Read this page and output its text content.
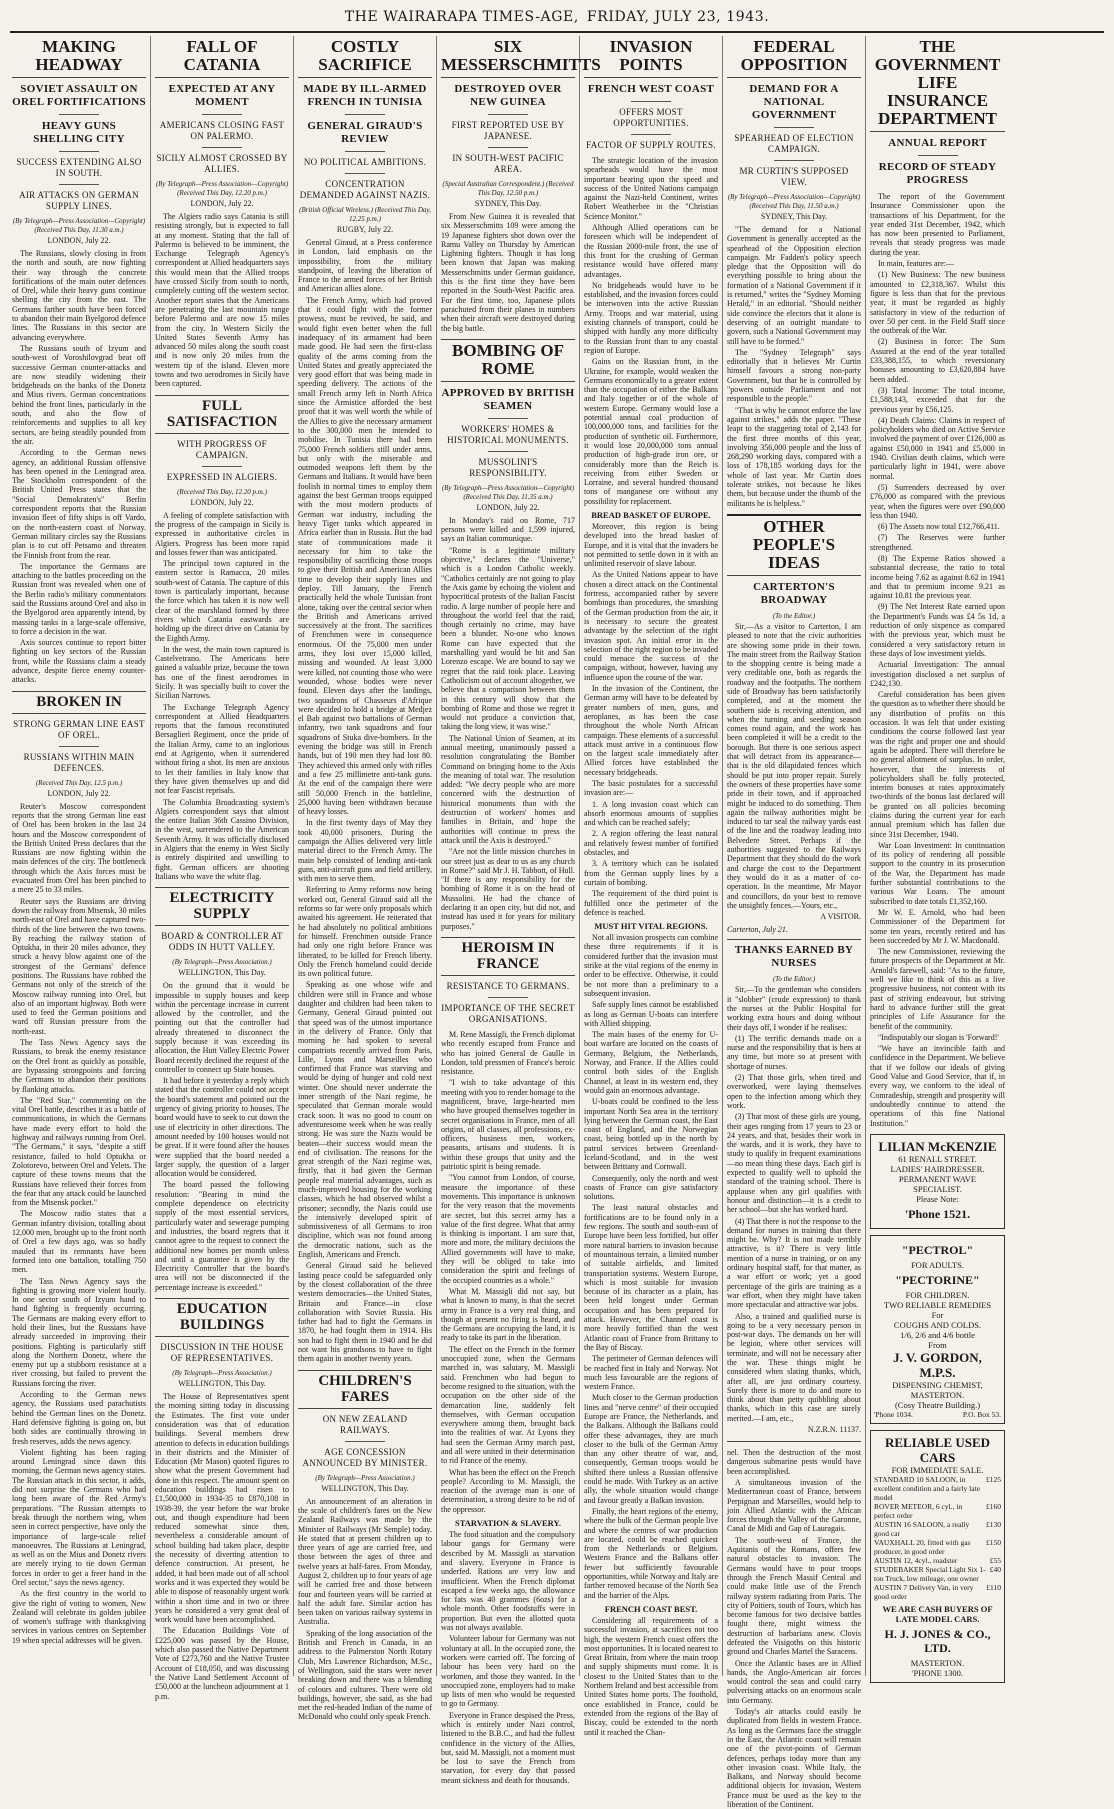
THE WAIRARAPA TIMES-AGE, FRIDAY, JULY 23, 1943.
MAKING HEADWAY
SOVIET ASSAULT ON OREL FORTIFICATIONS
HEAVY GUNS SHELLING CITY
SUCCESS EXTENDING ALSO IN SOUTH.
AIR ATTACKS ON GERMAN SUPPLY LINES.
(By Telegraph—Press Association—Copyright) (Received This Day, 11.30 a.m.)
LONDON, July 22.

The Russians, slowly closing in from the north and south, are now fighting their way through the concrete fortifications of the main outer defences of Orel, while their heavy guns continue shelling the city from the east. The Germans farther south have been forced to abandon their main Byelgorod defence lines. The Russians in this sector are advancing everywhere.

The Russians south of Izyum and south-west of Voroshilovgrad beat off successive German counter-attacks and are now steadily widening their bridgeheads on the banks of the Donetz and Mius rivers. German concentrations behind the front lines, particularly in the south, and also the flow of reinforcements and supplies to all key sectors, are being steadily pounded from the air.

According to the German news agency, an additional Russian offensive has been opened in the Leningrad area. The Stockholm correspondent of the British United Press states that the "Social Demokraten's" Berlin correspondent reports that the Russian invasion fleet of fifty ships is off Vardo, on the north-eastern coast of Norway. German military circles say the Russians plan is to cut off Petsamo and threaten the Finnish front from the rear.

The importance the Germans are attaching to the battles proceeding on the Russian front was revealed when one of the Berlin radio's military commentators said the Russians around Orel and also in the Byelgorod area apparently intend, by massing tanks in a large-scale offensive, to force a decision in the war.

Axis sources continue to report bitter fighting on key sectors of the Russian front, while the Russians claim a steady advance, despite fierce enemy counter-attacks.

BROKEN IN
STRONG GERMAN LINE EAST OF OREL.
RUSSIANS WITHIN MAIN DEFENCES.
(Received This Day, 12.5 p.m.)
LONDON, July 22.

Reuter's Moscow correspondent reports that the strong German line east of Orel has been broken in the last 24 hours and the Moscow correspondent of the British United Press declares that the Russians are now fighting within the main defences of the city. The bottleneck through which the Axis forces must be evacuated from Orel has been pinched to a mere 25 to 33 miles.

Reuter says the Russians are driving down the railway from Mtsensk, 30 miles north-east of Orel and have captured two-thirds of the line between the two towns. By reaching the railway station of Optukha, in their 20 miles advance, they struck a heavy blow against one of the strongest of the Germans' defence positions. The Russians have robbed the Germans not only of the stretch of the Moscow railway running into Orel, but also of an important highway. Both were used to feed the German positions and ward off Russian pressure from the north-east.

The Tass News Agency says the Russians, to break the enemy resistance on the Orel front as quickly as possible, are bypassing strongpoints and forcing the Germans to abandon their positions by flanking attacks.

The "Red Star," commenting on the vital Orel battle, describes it as a battle of communications, in which the Germans have made every effort to hold the highway and railways running from Orel. "The Germans," it says, "despite a stiff resistance, failed to hold Optukha or Zolotorevo, between Orel and Yelets. The capture of these towns means that the Russians have relieved their forces from the fear that any attack could be launched from the Mtsensk pocket."

The Moscow radio states that a German infantry division, totalling about 12,000 men, brought up to the front north of Orel a few days ago, was so badly mauled that its remnants have been formed into one battalion, totalling 750 men.

The Tass News Agency says the fighting is growing more violent hourly. In one sector south of Izyum hand to hand fighting is frequently occurring. The Germans are making every effort to hold their lines, but the Russians have already succeeded in improving their positions. Fighting is particularly stiff along the Northern Donetz, where the enemy put up a stubborn resistance at a river crossing, but failed to prevent the Russians forcing the river.

According to the German news agency, the Russians used parachutists behind the German lines on the Donetz. Hard defensive fighting is going on, but both sides are continually throwing in fresh reserves, adds the news agency.

Violent fighting has been raging around Leningrad since dawn this morning, the German news agency states. The Russian attack in this sector, it adds, did not surprise the Germans who had long been aware of the Red Army's preparations. "The Russian attempts to break through the northern wing, when seen in correct perspective, have only the importance of large-scale relief manoeuvres. The Russians at Leningrad, as well as on the Mius and Donetz rivers are merely trying to tie down German forces in order to get a freer hand in the Orel sector," says the news agency.

As the first country in the world to give the right of voting to women, New Zealand will celebrate its golden jubilee of women's suffrage with thanksgiving services in various centres on September 19 when special addresses will be given.

FALL OF CATANIA
EXPECTED AT ANY MOMENT
AMERICANS CLOSING FAST ON PALERMO.
SICILY ALMOST CROSSED BY ALLIES.
(By Telegraph—Press Association—Copyright) (Received This Day, 12.20 p.m.)
LONDON, July 22.

The Algiers radio says Catania is still resisting strongly, but is expected to fall at any moment. Stating that the fall of Palermo is believed to be imminent, the Exchange Telegraph Agency's correspondent at Allied headquarters says this would mean that the Allied troops have crossed Sicily from south to north, completely cutting off the western sector. Another report states that the Americans are penetrating the last mountain range before Palermo and are now 15 miles from the city. In Western Sicily the United States Seventh Army has advanced 50 miles along the south coast and is now only 20 miles from the western tip of the island. Eleven more towns and two aerodromes in Sicily have been captured.

FULL SATISFACTION
WITH PROGRESS OF CAMPAIGN.
EXPRESSED IN ALGIERS.
(Received This Day, 12.20 p.m.)
LONDON, July 22.

A feeling of complete satisfaction with the progress of the campaign in Sicily is expressed in authoritative circles in Algiers. Progress has been more rapid and losses fewer than was anticipated.

The principal town captured in the eastern sector is Ramacca, 20 miles south-west of Catania. The capture of this town is particularly important, because the force which has taken it is now well clear of the marshland formed by three rivers which Catania eastwards are holding up the direct drive on Catania by the Eighth Army.

In the west, the main town captured is Castelvetrano. The Americans here gained a valuable prize, because the town has one of the finest aerodromes in Sicily. It was specially built to cover the Sicilian Narrows.

The Exchange Telegraph Agency correspondent at Allied Headquarters reports that the famous reconstituted Bersaglieri Regiment, once the pride of the Italian Army, came to an inglorious end at Agrigento, when it surrendered without firing a shot. Its men are anxious to let their families in Italy know that they have given themselves up and did not fear Fascist reprisals.

The Columbia Broadcasting system's Algiers correspondent says that almost the entire Italian 36th Cassino Division, in the west, surrendered to the American Seventh Army. It was officially disclosed in Algiers that the enemy in West Sicily is entirely dispirited and unwilling to fight. German officers are shooting Italians who wave the white flag.

ELECTRICITY SUPPLY
BOARD & CONTROLLER AT ODDS IN HUTT VALLEY.
(By Telegraph—Press Association.)
WELLINGTON, This Day.

On the ground that it would be impossible to supply houses and keep within the percentage increase in current allowed by the controller, and the pointing out that the controller had already threatened to disconnect the supply because it was exceeding its allocation, the Hutt Valley Electric Power Board recently declined the request of the controller to connect up State houses.

It had before it yesterday a reply which stated that the controller could not accept the board's statement and pointed out the urgency of giving priority to houses. The board would have to seek to cut down the use of electricity in other directions. The amount needed by 100 houses would not be great. If it were found after the houses were supplied that the board needed a larger supply, the question of a larger allocation would be considered.

The board passed the following resolution: "Bearing in mind the complete dependence on electricity supply of the most essential services, particularly water and sewerage pumping and industries, the board regrets that it cannot agree to the request to connect the additional new homes per month unless and until a guarantee is given by the Electricity Controller that the board's area will not be disconnected if the percentage increase is exceeded."

EDUCATION BUILDINGS
DISCUSSION IN THE HOUSE OF REPRESENTATIVES.
(By Telegraph—Press Association.)
WELLINGTON, This Day.

The House of Representatives spent the morning sitting today in discussing the Estimates. The first vote under consideration was that of education buildings. Several members drew attention to defects in education buildings in their districts and the Minister of Education (Mr Mason) quoted figures to show what the present Government had done in this respect. The amount spent on education buildings had risen to £1,500,000 in 1934-35 to £870,108 in 1938-39, the year before the war broke out, and though expenditure had been reduced somewhat since then, nevertheless a considerable amount of school building had taken place, despite the necessity of diverting attention to defence construction. At present, he added, it had been made out of all school works and it was expected they would be able to dispose of reasonably urgent work within a short time and in two or three years he considered a very great deal of work would have been accomplished.

The Education Buildings Vote of £225,000 was passed by the House, which also passed the Native Department Vote of £273,760 and the Native Trustee Account of £18,050, and was discussing the Native Land Settlement Account of £50,000 at the luncheon adjournment at 1 p.m.

COSTLY SACRIFICE
MADE BY ILL-ARMED FRENCH IN TUNISIA
GENERAL GIRAUD'S REVIEW
NO POLITICAL AMBITIONS.
CONCENTRATION DEMANDED AGAINST NAZIS.
(British Official Wireless.) (Received This Day, 12.25 p.m.)
RUGBY, July 22.

General Giraud, at a Press conference in London, laid emphasis on the impossibility, from the military standpoint, of leaving the liberation of France to the armed forces of her British and American allies alone.

The French Army, which had proved that it could fight with the former prowess, must be revived, he said, and would fight even better when the full inadequacy of its armament had been made good. He had seen the first-class quality of the arms coming from the United States and greatly appreciated the very good effort that was being made in speeding delivery. The actions of the small French army left in North Africa since the Armistice afforded the best proof that it was well worth the while of the Allies to give the necessary armament to the 300,000 men he intended to mobilise. In Tunisia there had been 75,000 French soldiers still under arms, but only with the miserable and outmoded weapons left them by the Germans and Italians. It would have been foolish in normal times to employ them against the best German troops equipped with the most modern products of German war industry, including the heavy Tiger tanks which appeared in Africa earlier than in Russia. But the bad state of communications made it necessary for him to take the responsibility of sacrificing those troops to give their British and American Allies time to develop their supply lines and deploy. Till January, the French practically held the whole Tunisian front alone, taking over the central sector when the British and Americans arrived successively at the front. The sacrifices of Frenchmen were in consequence enormous. Of the 75,000 men under arms, they lost over 15,000 killed, missing and wounded. At least 3,000 were killed, not counting those who were wounded, whose bodies were never found. Eleven days after the landings, two squadrons of Chasseurs d'Afrique were decided to hold a bridge at Medjez el Bab against two battalions of German infantry, two tank squadrons and four squadrons of Stuka dive-bombers. In the evening the bridge was still in French hands, but of 190 men they had lost 80. They achieved this armed only with rifles and a few 25 millimetre anti-tank guns. At the end of the campaign there were still 50,000 French in the battleline, 25,000 having been withdrawn because of heavy losses.

In the first twenty days of May they took 40,000 prisoners. During the campaign the Allies delivered very little material direct to the French Army. The main help consisted of lending anti-tank guns, anti-aircraft guns and field artillery, with men to serve them.

Referring to Army reforms now being worked out, General Giraud said all the reforms so far were only proposals which awaited his agreement. He reiterated that he had absolutely no political ambitions for himself. Frenchmen outside France had only one right before France was liberated, to be killed for French liberty. Only the French homeland could decide its own political future.

Speaking as one whose wife and children were still in France and whose daughter and children had been taken to Germany, General Giraud pointed out that speed was of the utmost importance in the delivery of France. Only that morning he had spoken to several compatriots recently arrived from Paris, Lille, Lyons and Marseilles who confirmed that France was starving and would be dying of hunger and cold next winter. One should never underrate the inner strength of the Nazi regime, he speculated that German morale would crack soon. It was no good to count on adventuresome week when he was really strong. He was sure the Nazis would be beaten—their success would mean the end of civilisation. The reasons for the great strength of the Nazi regime was, firstly, that it had given the German people real material advantages, such as much-improved housing for the working classes, which he had observed whilst a prisoner; secondly, the Nazis could use the intensively developed spirit of submissiveness of all Germans to iron discipline, which was not found among the democratic nations, such as the English, Americans and French.

General Giraud said he believed lasting peace could be safeguarded only by the closest collaboration of the three western democracies—the United States, Britain and France—in close collaboration with Soviet Russia. His father had had to fight the Germans in 1870, he had fought them in 1914. His son had to fight them in 1940 and he did not want his grandsons to have to fight them again in another twenty years.

CHILDREN'S FARES
ON NEW ZEALAND RAILWAYS.
AGE CONCESSION ANNOUNCED BY MINISTER.
(By Telegraph—Press Association.)
WELLINGTON, This Day.

An announcement of an alteration in the scale of children's fares on the New Zealand Railways was made by the Minister of Railways (Mr Semple) today. He stated that at present children up to three years of age are carried free, and those between the ages of three and twelve years at half-fares. From Monday, August 2, children up to four years of age will be carried free and those between four and fourteen years will be carried at half the adult fare. Similar action has been taken on various railway systems in Australia.

Speaking of the long association of the British and French in Canada, in an address to the Palmerston North Rotary Club, Mrs Lawrence Richardson, M.Sc., of Wellington, said the stars were never breaking down and there was a blending of colours and cultures. There were old buildings, however, she said, as she had met the red-headed Indian of the name of McDonald who could only speak French.

SIX MESSERSCHMITTS
DESTROYED OVER NEW GUINEA
FIRST REPORTED USE BY JAPANESE.
IN SOUTH-WEST PACIFIC AREA.
(Special Australian Correspondent.) (Received This Day, 12.50 p.m.)
SYDNEY, This Day.

From New Guinea it is revealed that six Messerschmitts 109 were among the 19 Japanese fighters shot down over the Ramu Valley on Thursday by American Lightning fighters. Though it has long been known that Japan was making Messerschmitts under German guidance, this is the first time they have been reported in the South-West Pacific area. For the first time, too, Japanese pilots parachuted from their planes in numbers when their aircraft were destroyed during the big battle.

BOMBING OF ROME
APPROVED BY BRITISH SEAMEN
WORKERS' HOMES & HISTORICAL MONUMENTS.
MUSSOLINI'S RESPONSIBILITY.
(By Telegraph—Press Association—Copyright) (Received This Day, 11.35 a.m.)
LONDON, July 22.

In Monday's raid on Rome, 717 persons were killed and 1,599 injured, says an Italian communique.

"Rome is a legitimate military objective," declares the "Universe," which is a London Catholic weekly. "Catholics certainly are not going to play the Axis game by echoing the violent and hypocritical protests of the Italian Fascist radio. A large number of people here and throughout the world feel that the raid, though certainly no crime, may have been a blunder. No-one who knows Rome can have expected that the marshalling yard would be hit and San Lorenzo escape. We are bound to say we regret that the raid took place. Leaving Catholicism out of account altogether, we believe that a comparison between them in this century will show that the bombing of Rome and those we regret it would not produce a conviction that, taking the long view, it was wise."

The National Union of Seamen, at its annual meeting, unanimously passed a resolution congratulating the Bomber Command on bringing home to the Axis the meaning of total war. The resolution added: "We decry people who are more concerned with the destruction of historical monuments than with the destruction of workers' homes and families in Britain, and hope the authorities will continue to press the attack until the Axis is destroyed."

"Are not the little mission churches in our street just as dear to us as any church in Rome?" said Mr J. H. Tabbott, of Hull. "If there is any responsibility for the bombing of Rome it is on the head of Mussolini. He had the chance of declaring it an open city, but did not, and instead has used it for years for military purposes."

HEROISM IN FRANCE
RESISTANCE TO GERMANS.
IMPORTANCE OF THE SECRET ORGANISATIONS.

M. Rene Massigli, the French diplomat who recently escaped from France and who has joined General de Gaulle in London, told pressmen of France's heroic resistance.

"I wish to take advantage of this meeting with you to render homage to the magnificent, brave, large-hearted men who have grouped themselves together in secret organisations in France, men of all origins, of all classes, all professions, ex-officers, business men, workers, peasants, artisans and students. It is within these groups that unity and the patriotic spirit is being remade.

"You cannot from London, of course, measure the importance of these movements. This importance is unknown for the very reason that the movements are secret, but this secret army has a value of the first degree. What that army is thinking is important. I am sure that, more and more, the military decisions the Allied governments will have to make, they will be obliged to take into consideration the spirit and feelings of the occupied countries as a whole."

What M. Massigli did not say, but what is known to many, is that the secret army in France is a very real thing, and though at present no firing is heard, and the Germans are occupying the land, it is ready to take its part in the liberation.

The effect on the French in the former unoccupied zone, when the Germans marched in, was salutary, M. Massigli said. Frenchmen who had begun to become resigned to the situation, with the occupation on the other side of the demarcation line, suddenly felt themselves, with German occupation everywhere among them, brought back into the realities of war. At Lyons they had seen the German Army march past, and all were united in their determination to rid France of the enemy.

What has been the effect on the French people? According to M. Massigli, the reaction of the average man is one of determination, a strong desire to be rid of the oppressor.

STARVATION & SLAVERY.

The food situation and the compulsory labour gangs for Germany were described by M. Massigli as starvation and slavery. Everyone in France is underfed. Rations are very low and insufficient. When the French diplomat escaped a few weeks ago, the allowance for fats was 40 grammes (6ozs) for a whole month. Other foodstuffs were in proportion. But even the allotted quota was not always available.

Volunteer labour for Germany was not voluntary at all. In the occupied zone, the workers were carried off. The forcing of labour has been very hard on the workmen, and those they wanted. In the unoccupied zone, employers had to make up lists of men who would be requested to go to Germany.

Everyone in France despised the Press, which is entirely under Nazi control, listened to the B.B.C., and had the fullest confidence in the victory of the Allies, but, said M. Massigli, not a moment must be lost to save the French from starvation, for every day that passed meant sickness and death for thousands.

INVASION POINTS
FRENCH WEST COAST
OFFERS MOST OPPORTUNITIES.
FACTOR OF SUPPLY ROUTES.

The strategic location of the invasion spearheads would have the most important bearing upon the speed and success of the United Nations campaign against the Nazi-held Continent, writes Robert Weatherbee in the "Christian Science Monitor."

Although Allied operations can be foreseen which will be independent of the Russian 2000-mile front, the use of this front for the crushing of German resistance would have offered many advantages.

No bridgeheads would have to be established, and the invasion forces could be interwoven into the active Russian Army. Troops and war material, using existing channels of transport, could be shipped with hardly any more difficulty to the Russian front than to any coastal region of Europe.

Gains on the Russian front, in the Ukraine, for example, would weaken the Germans economically to a greater extent than the occupation of either the Balkans and Italy together or of the whole of western Europe. Germany would lose a potential annual coal production of 100,000,000 tons, and facilities for the production of synthetic oil. Furthermore, it would lose 20,000,000 tons annual production of high-grade iron ore, or considerably more than the Reich is receiving from either Sweden or Lorraine, and several hundred thousand tons of manganese ore without any possibility for replacement.

BREAD BASKET OF EUROPE.

Moreover, this region is being developed into the bread basket of Europe, and it is vital that the invaders be not permitted to settle down in it with an unlimited reservoir of slave labour.

As the United Nations appear to have chosen a direct attack on the Continental fortress, accompanied rather by severe bombings than procedures, the smashing of the German production from the air, it is necessary to secure the greatest advantage by the selection of the right invasion spot. An initial error in the selection of the right region to be invaded could menace the success of the campaign, without, however, having any influence upon the course of the war.

In the invasion of the Continent, the German army will have to be defeated by greater numbers of men, guns, and aeroplanes, as has been the case throughout the whole North African campaign. These elements of a successful attack must arrive in a continuous flow on the largest scale immediately after Allied forces have established the necessary bridgeheads.

The basic postulates for a successful invasion are:—

1. A long invasion coast which can absorb enormous amounts of supplies and which can be reached safely;

2. A region offering the least natural and relatively fewest number of fortified obstacles, and

3. A territory which can be isolated from the German supply lines by a curtain of bombing.

The requirement of the third point is fulfilled once the perimeter of the defence is reached.

MUST HIT VITAL REGIONS.

Not all invasion prospects can combine these three requirements if it is considered further that the invasion must strike at the vital regions of the enemy in order to be effective. Otherwise, it could be not more than a preliminary to a subsequent invasion.

Safe supply lines cannot be established as long as German U-boats can interfere with Allied shipping.

The main bases of the enemy for U-boat warfare are located on the coasts of Germany, Belgium, the Netherlands, Norway, and France. If the Allies could control both sides of the English Channel, at least in its western end, they would gain an enormous advantage.

U-boats could be confined to the less important North Sea area in the territory lying between the German coast, the East coast of England, and the Norwegian coast, being bottled up in the north by patrol services between Greenland-Iceland-Scotland, and in the west between Brittany and Cornwall.

Consequently, only the north and west coasts of France can give satisfactory solutions.

The least natural obstacles and fortifications are to be found only in a few regions. The south and south-east of Europe have been less fortified, but offer more natural barriers to invasion because of mountainous terrain, a limited number of suitable airfields, and limited transportation systems. Western Europe, which is most suitable for invasion because of its character as a plain, has been held longest under German occupation and has been prepared for attack. However, the Channel coast is more heavily fortified than the west Atlantic coast of France from Brittany to the Bay of Biscay.

The perimeter of German defences will be reached first in Italy and Norway. Not much less favourable are the regions of western France.

Much closer to the German production lines and "nerve centre" of their occupied Europe are France, the Netherlands, and the Balkans. Although the Balkans could offer these advantages, they are much closer to the bulk of the German Army than any other theatre of war, and, consequently, German troops would be shifted there unless a Russian offensive could be made. With Turkey as an active ally, the whole situation would change and favour greatly a Balkan invasion.

Finally, the heart regions of the enemy, where the bulk of the German people live and where the centres of war production are located, could be reached quickest from the Netherlands or Belgium. Western France and the Balkans offer fewer but sufficiently favourable opportunities, while Norway and Italy are farther removed because of the North Sea and the barrier of the Alps.

FRENCH COAST BEST.

Considering all requirements of a successful invasion, at sacrifices not too high, the western French coast offers the most opportunities. It is located nearest to Great Britain, from where the main troop and supply shipments must come. It is closest to the United States than to the Northern Ireland and best accessible from United States home ports. The foothold, once established in France, could be extended from the regions of the Bay of Biscay, could be extended to the north until it reached the Chan-

FEDERAL OPPOSITION
DEMAND FOR A NATIONAL GOVERNMENT
SPEARHEAD OF ELECTION CAMPAIGN.
MR CURTIN'S SUPPOSED VIEW.
(By Telegraph—Press Association—Copyright) (Received This Day, 11.50 a.m.)
SYDNEY, This Day.

"The demand for a National Government is generally accepted as the spearhead of the Opposition election campaign. Mr Fadden's policy speech pledge that the Opposition will do everything possible to bring about the formation of a National Government if it is returned," writes the "Sydney Morning Herald," in an editorial. "Should neither side convince the electors that it alone is deserving of an outright mandate to govern, such a National Government may still have to be formed."

The "Sydney Telegraph" says editorially that it believes Mr Curtin himself favours a strong non-party Government, but that he is controlled by "powers outside Parliament and not responsible to the people."

"That is why he cannot enforce the law against strikes," adds the paper. "These leapt to the staggering total of 2,143 for the first three months of this year, involving 356,000 people and the loss of 268,290 working days, compared with a loss of 178,185 working days for the whole of last year. Mr Curtin does tolerate strikes, not because he likes them, but because under the thumb of the militants he is helpless."

OTHER PEOPLE'S IDEAS
CARTERTON'S BROADWAY
(To the Editor.)

Sir,—As a visitor to Carterton, I am pleased to note that the civic authorities are showing some pride in their town. The main street from the Railway Station to the shopping centre is being made a very creditable one, both as regards the roadway and the footpaths. The northern side of Broadway has been satisfactorily completed, and at the moment the southern side is receiving attention, and when the turning and seeding season comes round again, and the work has been completed it will be a credit to the borough. But there is one serious aspect that will detract from its appearance—that is the old dilapidated fences which should be put into proper repair. Surely the owners of these properties have some pride in their town, and if approached might be induced to do something. Then again the railway authorities might be induced to tar seal the railway yards east of the line and the roadway leading into Belvedere Street. Perhaps if the authorities suggested to the Railways Department that they should do the work and charge the cost to the Department they would do it as a matter of co-operation. In the meantime, Mr Mayor and councillors, do your best to remove the unsightly fences.—Yours, etc.,

A VISITOR.
Carterton, July 21.
THANKS EARNED BY NURSES
(To the Editor.)

Sir,—To the gentleman who considers it "slobber" (crude expression) to thank the nurses at the Public Hospital for working extra hours and doing without their days off, I wonder if he realises:

(1) The terrific demands made on a nurse and the responsibility that is hers at any time, but more so at present with shortage of nurses.

(2) That those girls, when tired and overworked, were laying themselves open to the infection among which they work.

(3) That most of these girls are young, their ages ranging from 17 years to 23 or 24 years, and that, besides their work in the wards, and it is work, they have to study to qualify in frequent examinations—no mean thing these days. Each girl is expected to qualify well to uphold the standard of the training school. There is applause when any girl qualifies with honour and distinction—it is a credit to her school—but she has worked hard.

(4) That there is not the response to the demand for nurses in training that there might be. Why? It is not made terribly attractive, is it? There is very little mention of a nurse in training, or on any ordinary hospital staff, for that matter, as a war effort or work; yet a good percentage of the girls are training as a war effort, when they might have taken more spectacular and attractive war jobs.

Also, a trained and qualified nurse is going to be a very necessary person in post-war days. The demands on her will be legion, where other services will terminate, and will not be necessary after the war. These things might be considered when slating thanks, which, after all, are just ordinary courtesy. Surely there is more to do and more to think about than petty quibbling about thanks, which in this case are surely merited.—I am, etc.,

N.Z.R.N. 11137.

nel. Then the destruction of the most dangerous submarine pests would have been accomplished.

A simultaneous invasion of the Mediterranean coast of France, between Perpignan and Marseilles, would help to join Allied Atlantic with the African forces through the Valley of the Garonne, Canal de Midi and Gap of Lauragais.

The south-west of France, the Aquitanis of the Romans, offers few natural obstacles to invasion. The Germans would have to pour troops through the French Massif Central and could make little use of the French railway system radiating from Paris. The city of Poitiers, south of Tours, which has become famous for two decisive battles fought there, might witness the destruction of barbarians anew. Clovis defeated the Visigoths on this historic ground and Charles Martel the Saracens.

Once the Atlantic bases are in Allied hands, the Anglo-American air forces would control the seas and could carry pulverising attacks on an enormous scale into Germany.

Today's air attacks could easily be duplicated from fields in western France. As long as the Germans face the struggle in the East, the Atlantic coast will remain one of the pivot-points of German defences, perhaps today more than any other invasion coast. While Italy, the Balkans, and Norway should become additional objects for invasion, Western France must be used as the key to the liberation of the Continent.

THE GOVERNMENT LIFE INSURANCE DEPARTMENT
ANNUAL REPORT
RECORD OF STEADY PROGRESS

The report of the Government Insurance Commissioner upon the transactions of his Department, for the year ended 31st December, 1942, which has now been presented to Parliament, reveals that steady progress was made during the year.

In main, features are:—

(1) New Business: The new business amounted to £2,318,367. Whilst this figure is less than that for the previous year, it must be regarded as highly satisfactory in view of the reduction of over 50 per cent. in the Field Staff since the outbreak of the War.

(2) Business in force: The Sum Assured at the end of the year totalled £33,388,155, to which reversionary bonuses amounting to £3,620,884 have been added.

(3) Total Income: The total income, £1,588,143, exceeded that for the previous year by £56,125.

(4) Death Claims: Claims in respect of policyholders who died on Active Service involved the payment of over £126,000 as against £50,000 in 1941 and £5,000 in 1940. Civilian death claims, which were particularly light in 1941, were above normal.

(5) Surrenders decreased by over £76,000 as compared with the previous year, when the figures were over £90,000 less than 1940.

(6) The Assets now total £12,766,411.

(7) The Reserves were further strengthened.

(8) The Expense Ratios showed a substantial decrease, the ratio to total income being 7.62 as against 8.62 in 1941 and that to premium income 9.21 as against 10.81 the previous year.

(9) The Net Interest Rate earned upon the Department's Funds was £4 5s 1d, a reduction of only sixpence as compared with the previous year, which must be considered a very satisfactory return in these days of low investment yields.

Actuarial Investigation: The annual investigation disclosed a net surplus of £242,130.

Careful consideration has been given the question as to whether there should be any distribution of profits on this occasion. It was felt that under existing conditions the course followed last year was the right and proper one and should again be adopted. There will therefore be no general allotment of surplus. In order, however, that the interests of policyholders shall be fully protected, interim bonuses at rates approximately two-thirds of the bonus last declared will be granted on all policies becoming claims during the current year for each annual premium which has fallen due since 31st December, 1940.

War Loan Investment: In continuation of its policy of rendering all possible support to the country in its prosecution of the War, the Department has made further substantial contributions to the various War Loans. The amount subscribed to date totals £1,352,160.

Mr W. E. Arnold, who had been Commissioner of the Department for some ten years, recently retired and has been succeeded by Mr J. W. Macdonald.

The new Commissioner, reviewing the future prospects of the Department at Mr. Arnold's farewell, said: "As to the future, well we like to think of this as a live progressive business, not content with its past of striving endeavour, but striving hard to advance further still the great principles of Life Assurance for the benefit of the community.

"Indisputably our slogan is 'Forward!'

"We have an invincible faith and confidence in the Department. We believe that if we follow our ideals of giving Good Value and Good Service, that if, in every way, we conform to the ideal of Comradeship, strength and prosperity will undoubtedly continue to attend the operations of this fine National Institution."

LILIAN McKENZIE
61 RENALL STREET.
LADIES' HAIRDRESSER.
PERMANENT WAVE
SPECIALIST.
Please Note:
'Phone 1521.
"PECTROL"
FOR ADULTS.
"PECTORINE"
FOR CHILDREN.
TWO RELIABLE REMEDIES
For
COUGHS AND COLDS.
1/6, 2/6 and 4/6 bottle
From
J. V. GORDON, M.P.S.
DISPENSING CHEMIST,
MASTERTON.
(Cosy Theatre Building.)
'Phone 1034.	P.O. Box 53.
RELIABLE USED CARS
FOR IMMEDIATE SALE.
STANDARD 10 SALOON, in excellent condition and a fairly late model
£125
ROVER METEOR, 6 cyl., in perfect order
£160
AUSTIN 16 SALOON, a really good car
£130
VAUXHALL 20, fitted with gas producer, in good order
£150
AUSTIN 12, 4cyl., roadster	£55
STUDEBAKER Special Light Six 1-ton Truck, low mileage, one owner
£40
AUSTIN 7 Delivery Van, in very good order
£110
WE ARE CASH BUYERS OF LATE MODEL CARS.
H. J. JONES & CO., LTD.
MASTERTON.
'PHONE 1300.
